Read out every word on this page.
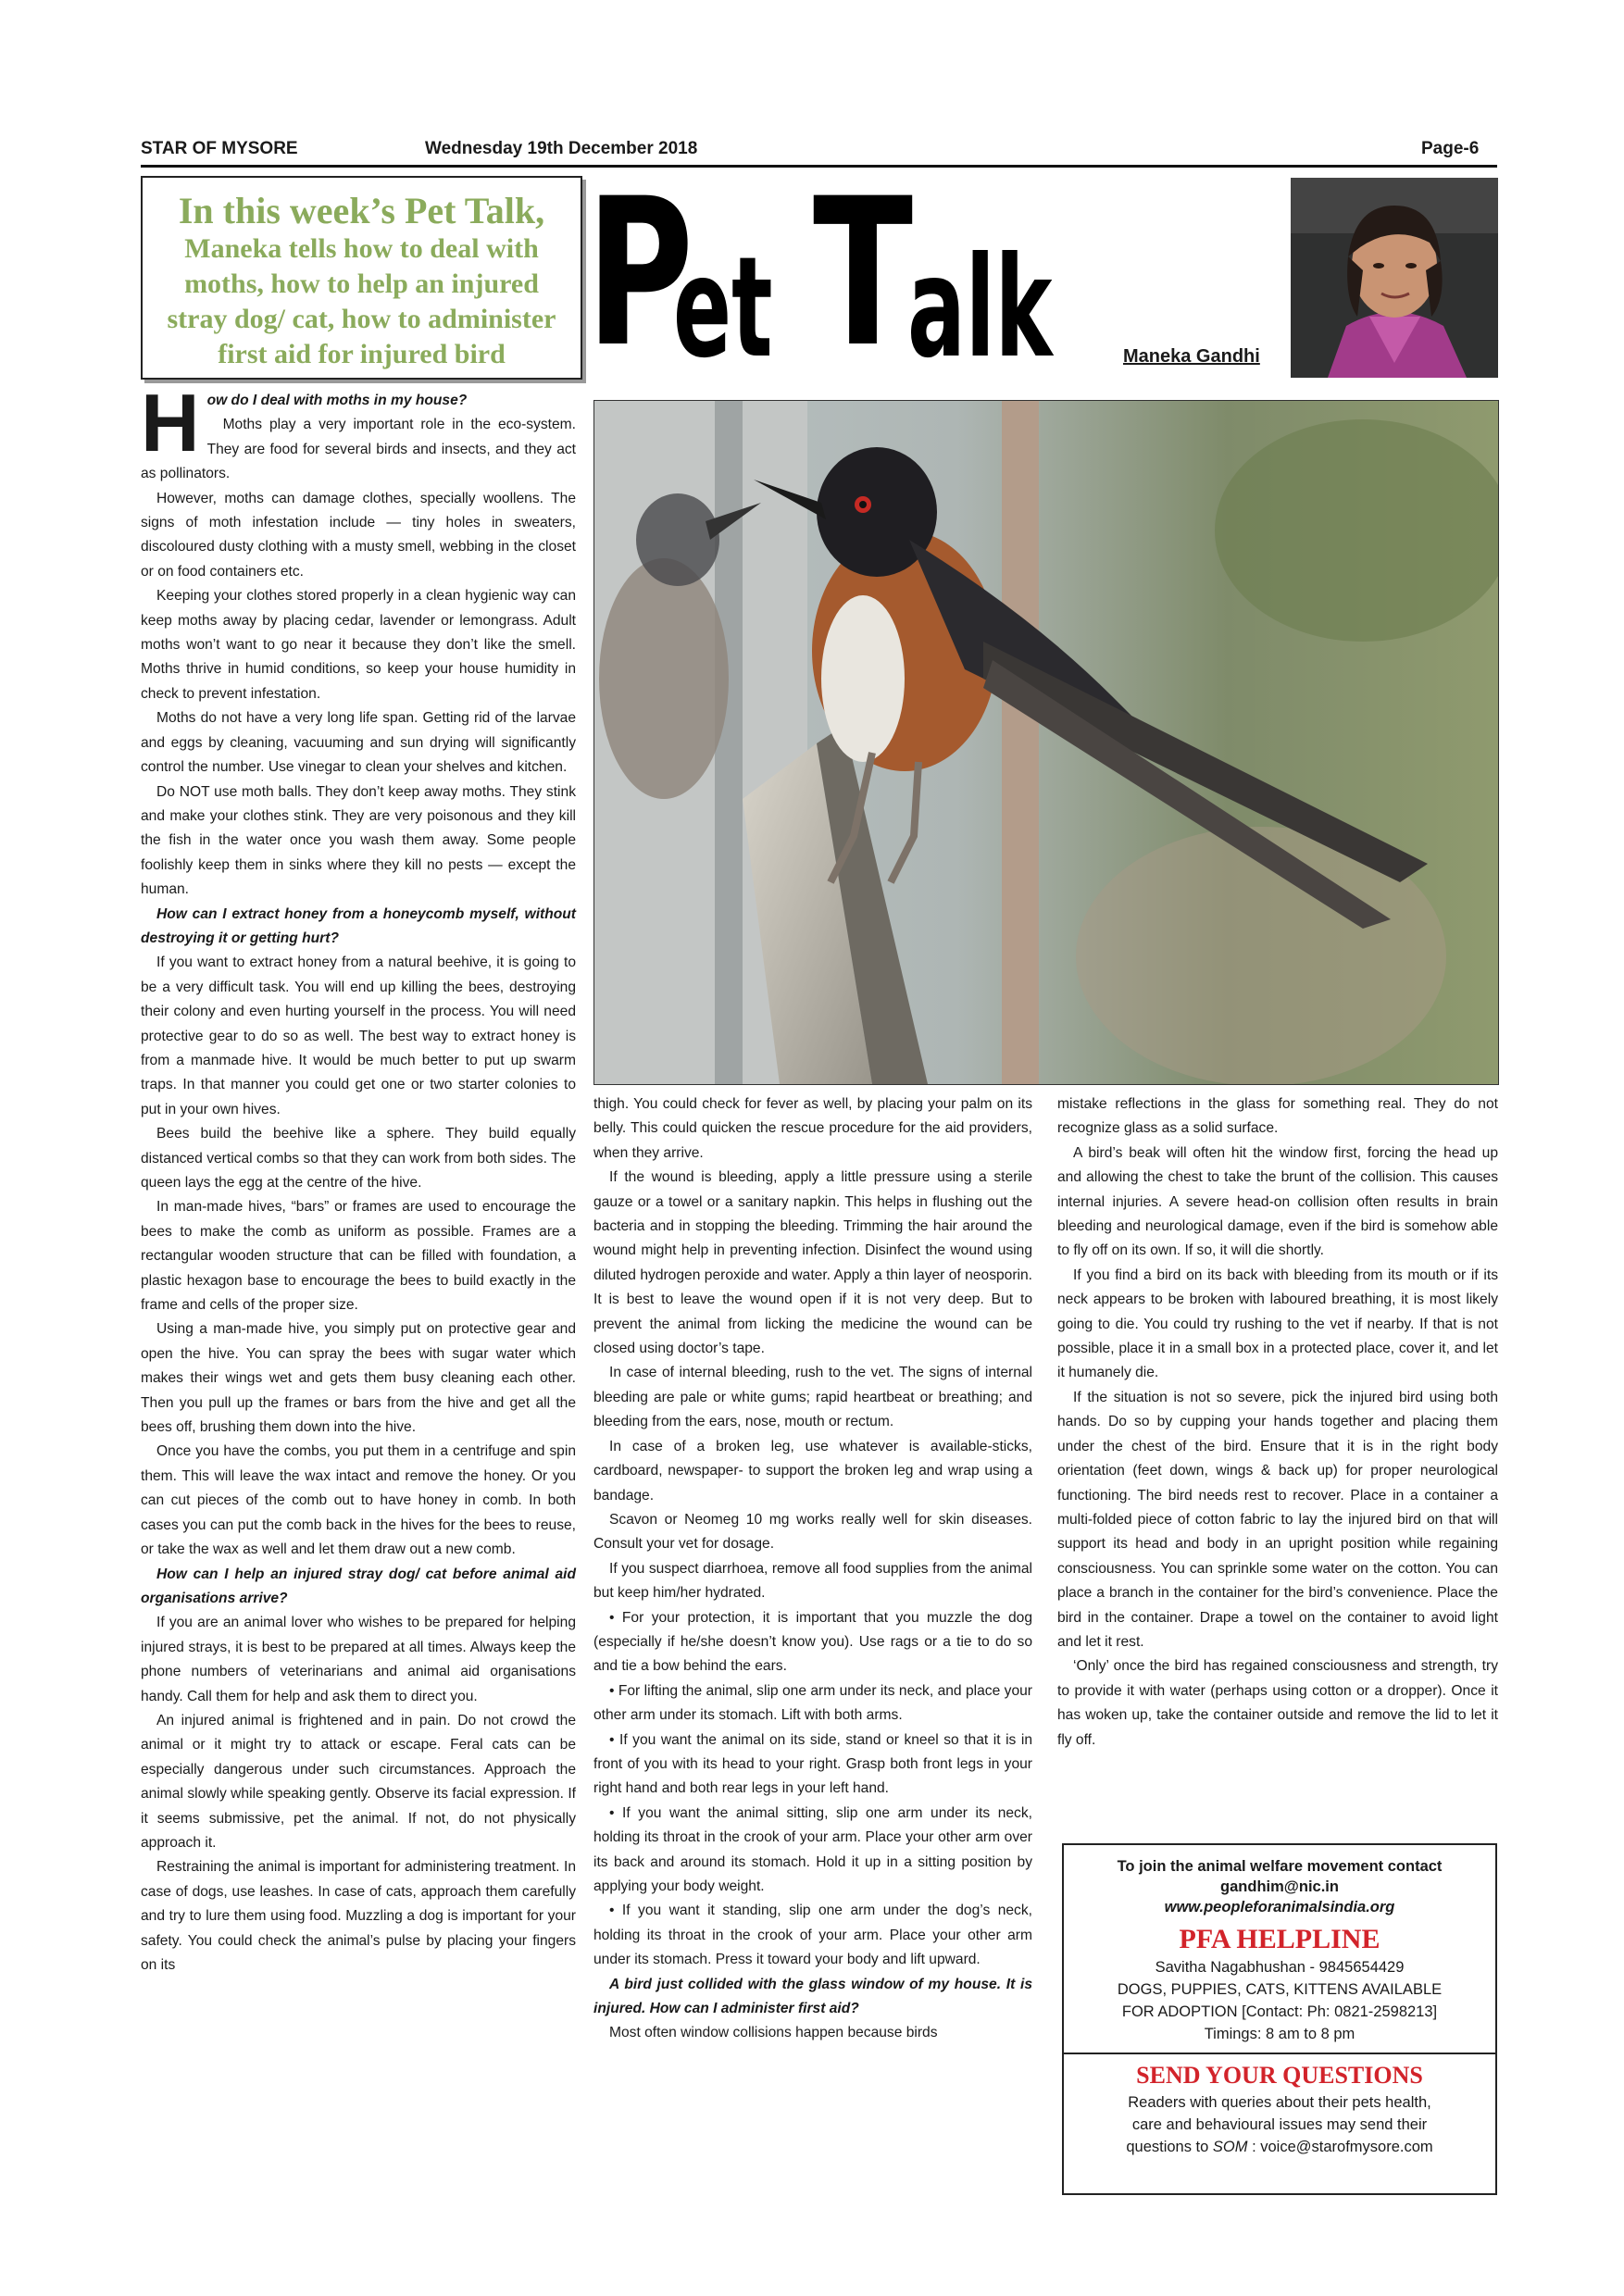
STAR OF MYSORE	Wednesday 19th December 2018	Page-6
In this week’s Pet Talk,
Maneka tells how to deal with moths, how to help an injured stray dog/ cat, how to administer first aid for injured bird P
et T
alk	Maneka Gandhi
H ow do I deal with moths in my house?

Moths play a very important role in the eco-system. They are food for several birds and insects, and they act as pollinators.

However, moths can damage clothes, specially woollens. The signs of moth infestation include — tiny holes in sweaters, discoloured dusty clothing with a musty smell, webbing in the closet or on food containers etc.

Keeping your clothes stored properly in a clean hygienic way can keep moths away by placing cedar, lavender or lemongrass. Adult moths won’t want to go near it because they don’t like the smell. Moths thrive in humid conditions, so keep your house humidity in check to prevent infestation.

Moths do not have a very long life span. Getting rid of the larvae and eggs by cleaning, vacuuming and sun drying will significantly control the number. Use vinegar to clean your shelves and kitchen.

Do NOT use moth balls. They don’t keep away moths. They stink and make your clothes stink. They are very poisonous and they kill the fish in the water once you wash them away. Some people foolishly keep them in sinks where they kill no pests — except the human.

How can I extract honey from a honeycomb myself, without destroying it or getting hurt?

If you want to extract honey from a natural beehive, it is going to be a very difficult task. You will end up killing the bees, destroying their colony and even hurting yourself in the process. You will need protective gear to do so as well. The best way to extract honey is from a manmade hive. It would be much better to put up swarm traps. In that manner you could get one or two starter colonies to put in your own hives.

Bees build the beehive like a sphere. They build equally distanced vertical combs so that they can work from both sides. The queen lays the egg at the centre of the hive.

In man-made hives, “bars” or frames are used to encourage the bees to make the comb as uniform as possible. Frames are a rectangular wooden structure that can be filled with foundation, a plastic hexagon base to encourage the bees to build exactly in the frame and cells of the proper size.

Using a man-made hive, you simply put on protective gear and open the hive. You can spray the bees with sugar water which makes their wings wet and gets them busy cleaning each other. Then you pull up the frames or bars from the hive and get all the bees off, brushing them down into the hive.

Once you have the combs, you put them in a centrifuge and spin them. This will leave the wax intact and remove the honey. Or you can cut pieces of the comb out to have honey in comb. In both cases you can put the comb back in the hives for the bees to reuse, or take the wax as well and let them draw out a new comb.

How can I help an injured stray dog/ cat before animal aid organisations arrive?

If you are an animal lover who wishes to be prepared for helping injured strays, it is best to be prepared at all times. Always keep the phone numbers of veterinarians and animal aid organisations handy. Call them for help and ask them to direct you.

An injured animal is frightened and in pain. Do not crowd the animal or it might try to attack or escape. Feral cats can be especially dangerous under such circumstances. Approach the animal slowly while speaking gently. Observe its facial expression. If it seems submissive, pet the animal. If not, do not physically approach it.

Restraining the animal is important for administering treatment. In case of dogs, use leashes. In case of cats, approach them carefully and try to lure them using food. Muzzling a dog is important for your safety. You could check the animal’s pulse by placing your fingers on its

thigh. You could check for fever as well, by placing your palm on its belly. This could quicken the rescue procedure for the aid providers, when they arrive.

If the wound is bleeding, apply a little pressure using a sterile gauze or a towel or a sanitary napkin. This helps in flushing out the bacteria and in stopping the bleeding. Trimming the hair around the wound might help in preventing infection. Disinfect the wound using diluted hydrogen peroxide and water. Apply a thin layer of neosporin. It is best to leave the wound open if it is not very deep. But to prevent the animal from licking the medicine the wound can be closed using doctor’s tape.

In case of internal bleeding, rush to the vet. The signs of internal bleeding are pale or white gums; rapid heartbeat or breathing; and bleeding from the ears, nose, mouth or rectum.

In case of a broken leg, use whatever is available-sticks, cardboard, newspaper- to support the broken leg and wrap using a bandage.

Scavon or Neomeg 10 mg works really well for skin diseases. Consult your vet for dosage.

If you suspect diarrhoea, remove all food supplies from the animal but keep him/her hydrated.

• For your protection, it is important that you muzzle the dog (especially if he/she doesn’t know you). Use rags or a tie to do so and tie a bow behind the ears.

• For lifting the animal, slip one arm under its neck, and place your other arm under its stomach. Lift with both arms.

• If you want the animal on its side, stand or kneel so that it is in front of you with its head to your right. Grasp both front legs in your right hand and both rear legs in your left hand.

• If you want the animal sitting, slip one arm under its neck, holding its throat in the crook of your arm. Place your other arm over its back and around its stomach. Hold it up in a sitting position by applying your body weight.

• If you want it standing, slip one arm under the dog’s neck, holding its throat in the crook of your arm. Place your other arm under its stomach. Press it toward your body and lift upward.

A bird just collided with the glass window of my house. It is injured. How can I administer first aid?

Most often window collisions happen because birds

mistake reflections in the glass for something real. They do not recognize glass as a solid surface.

A bird’s beak will often hit the window first, forcing the head up and allowing the chest to take the brunt of the collision. This causes internal injuries. A severe head-on collision often results in brain bleeding and neurological damage, even if the bird is somehow able to fly off on its own. If so, it will die shortly.

If you find a bird on its back with bleeding from its mouth or if its neck appears to be broken with laboured breathing, it is most likely going to die. You could try rushing to the vet if nearby. If that is not possible, place it in a small box in a protected place, cover it, and let it humanely die.

If the situation is not so severe, pick the injured bird using both hands. Do so by cupping your hands together and placing them under the chest of the bird. Ensure that it is in the right body orientation (feet down, wings & back up) for proper neurological functioning. The bird needs rest to recover. Place in a container a multi-folded piece of cotton fabric to lay the injured bird on that will support its head and body in an upright position while regaining consciousness. You can sprinkle some water on the cotton. You can place a branch in the container for the bird’s convenience. Place the bird in the container. Drape a towel on the container to avoid light and let it rest.

‘Only’ once the bird has regained consciousness and strength, try to provide it with water (perhaps using cotton or a dropper). Once it has woken up, take the container outside and remove the lid to let it fly off.

To join the animal welfare movement contact
gandhim@nic.in
www.peopleforanimalsindia.org
PFA HELPLINE
Savitha Nagabhushan - 9845654429
DOGS, PUPPIES, CATS, KITTENS AVAILABLE
FOR ADOPTION [Contact: Ph: 0821-2598213]
Timings: 8 am to 8 pm
SEND YOUR QUESTIONS
Readers with queries about their pets health,
care and behavioural issues may send their
questions to SOM : voice@starofmysore.com
